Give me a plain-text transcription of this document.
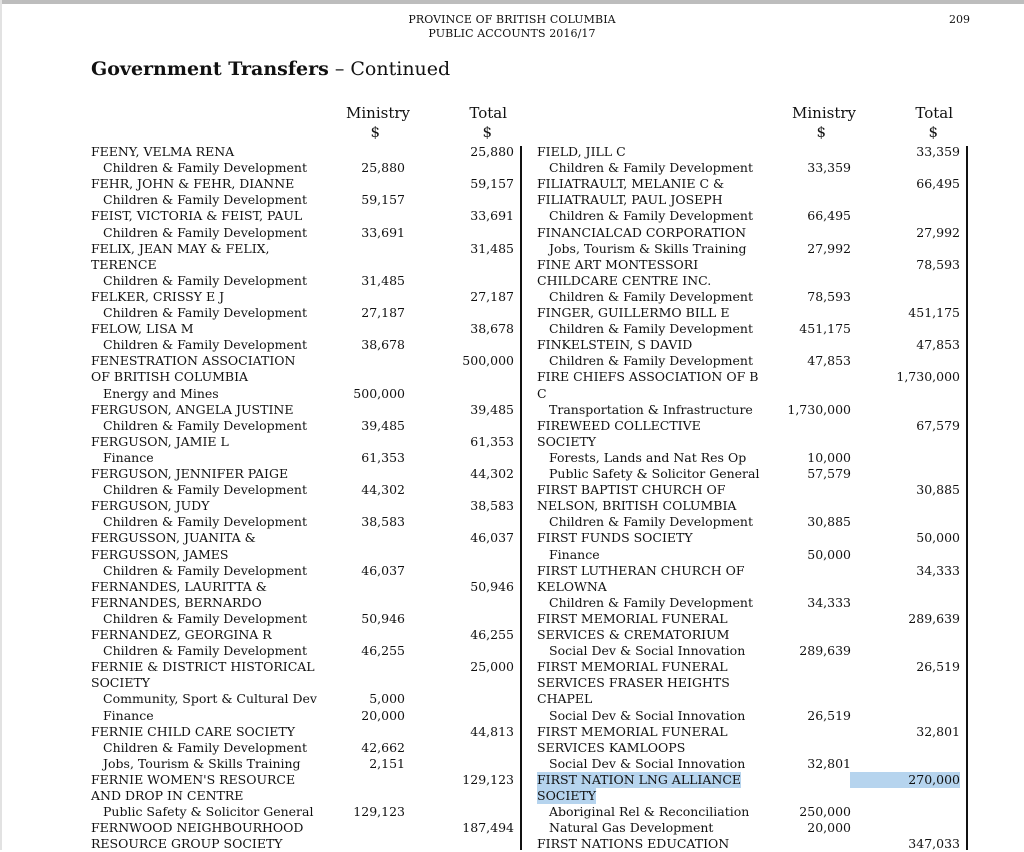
PROVINCE OF BRITISH COLUMBIA
PUBLIC ACCOUNTS 2016/17
209
Government Transfers – Continued
Ministry
$
Total
$
Ministry
$
Total
$
FEENY, VELMA RENA	25,880
Children & Family Development	25,880
FEHR, JOHN & FEHR, DIANNE	59,157
Children & Family Development	59,157
FEIST, VICTORIA & FEIST, PAUL	33,691
Children & Family Development	33,691
FELIX, JEAN MAY & FELIX,	31,485
TERENCE
Children & Family Development	31,485
FELKER, CRISSY E J	27,187
Children & Family Development	27,187
FELOW, LISA M	38,678
Children & Family Development	38,678
FENESTRATION ASSOCIATION	500,000
OF BRITISH COLUMBIA
Energy and Mines	500,000
FERGUSON, ANGELA JUSTINE	39,485
Children & Family Development	39,485
FERGUSON, JAMIE L	61,353
Finance	61,353
FERGUSON, JENNIFER PAIGE	44,302
Children & Family Development	44,302
FERGUSON, JUDY	38,583
Children & Family Development	38,583
FERGUSSON, JUANITA &	46,037
FERGUSSON, JAMES
Children & Family Development	46,037
FERNANDES, LAURITTA &	50,946
FERNANDES, BERNARDO
Children & Family Development	50,946
FERNANDEZ, GEORGINA R	46,255
Children & Family Development	46,255
FERNIE & DISTRICT HISTORICAL	25,000
SOCIETY
Community, Sport & Cultural Dev	5,000
Finance	20,000
FERNIE CHILD CARE SOCIETY	44,813
Children & Family Development	42,662
Jobs, Tourism & Skills Training	2,151
FERNIE WOMEN'S RESOURCE	129,123
AND DROP IN CENTRE
Public Safety & Solicitor General	129,123
FERNWOOD NEIGHBOURHOOD	187,494
RESOURCE GROUP SOCIETY
FIELD, JILL C	33,359
Children & Family Development	33,359
FILIATRAULT, MELANIE C &	66,495
FILIATRAULT, PAUL JOSEPH
Children & Family Development	66,495
FINANCIALCAD CORPORATION	27,992
Jobs, Tourism & Skills Training	27,992
FINE ART MONTESSORI	78,593
CHILDCARE CENTRE INC.
Children & Family Development	78,593
FINGER, GUILLERMO BILL E	451,175
Children & Family Development	451,175
FINKELSTEIN, S DAVID	47,853
Children & Family Development	47,853
FIRE CHIEFS ASSOCIATION OF B	1,730,000
C
Transportation & Infrastructure	1,730,000
FIREWEED COLLECTIVE	67,579
SOCIETY
Forests, Lands and Nat Res Op	10,000
Public Safety & Solicitor General	57,579
FIRST BAPTIST CHURCH OF	30,885
NELSON, BRITISH COLUMBIA
Children & Family Development	30,885
FIRST FUNDS SOCIETY	50,000
Finance	50,000
FIRST LUTHERAN CHURCH OF	34,333
KELOWNA
Children & Family Development	34,333
FIRST MEMORIAL FUNERAL	289,639
SERVICES & CREMATORIUM
Social Dev & Social Innovation	289,639
FIRST MEMORIAL FUNERAL	26,519
SERVICES FRASER HEIGHTS
CHAPEL
Social Dev & Social Innovation	26,519
FIRST MEMORIAL FUNERAL	32,801
SERVICES KAMLOOPS
Social Dev & Social Innovation	32,801
FIRST NATION LNG ALLIANCE	270,000
SOCIETY
Aboriginal Rel & Reconciliation	250,000
Natural Gas Development	20,000
FIRST NATIONS EDUCATION	347,033
